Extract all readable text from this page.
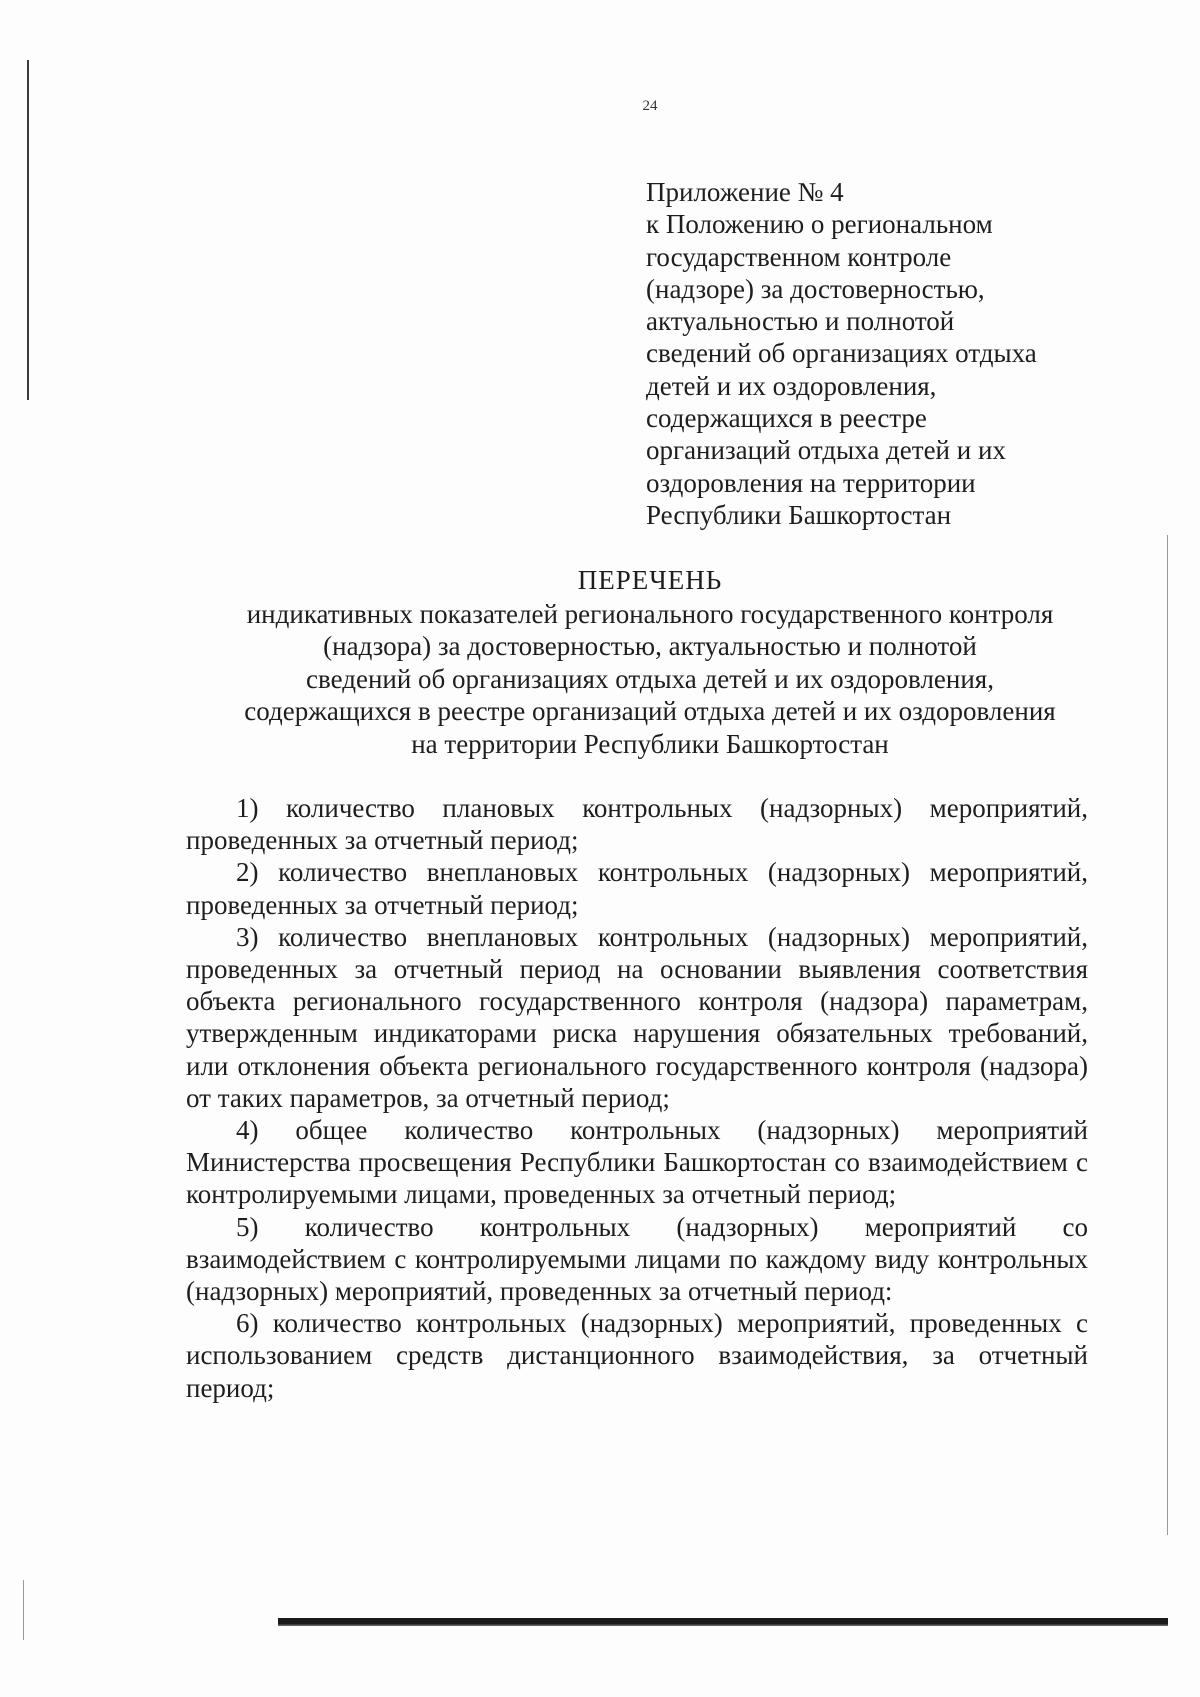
24
Приложение № 4
к Положению о региональном
государственном контроле
(надзоре) за достоверностью,
актуальностью и полнотой
сведений об организациях отдыха
детей и их оздоровления,
содержащихся в реестре
организаций отдыха детей и их
оздоровления на территории
Республики Башкортостан
ПЕРЕЧЕНЬ
индикативных показателей регионального государственного контроля
(надзора) за достоверностью, актуальностью и полнотой
сведений об организациях отдыха детей и их оздоровления,
содержащихся в реестре организаций отдыха детей и их оздоровления
на территории Республики Башкортостан

1) количество плановых контрольных (надзорных) мероприятий, проведенных за отчетный период;

2) количество внеплановых контрольных (надзорных) мероприятий, проведенных за отчетный период;

3) количество внеплановых контрольных (надзорных) мероприятий, проведенных за отчетный период на основании выявления соответствия объекта регионального государственного контроля (надзора) параметрам, утвержденным индикаторами риска нарушения обязательных требований, или отклонения объекта регионального государственного контроля (надзора) от таких параметров, за отчетный период;

4) общее количество контрольных (надзорных) мероприятий Министерства просвещения Республики Башкортостан со взаимодействием с контролируемыми лицами, проведенных за отчетный период;

5) количество контрольных (надзорных) мероприятий со взаимодействием с контролируемыми лицами по каждому виду контрольных (надзорных) мероприятий, проведенных за отчетный период:

6) количество контрольных (надзорных) мероприятий, проведенных с использованием средств дистанционного взаимодействия, за отчетный период;
